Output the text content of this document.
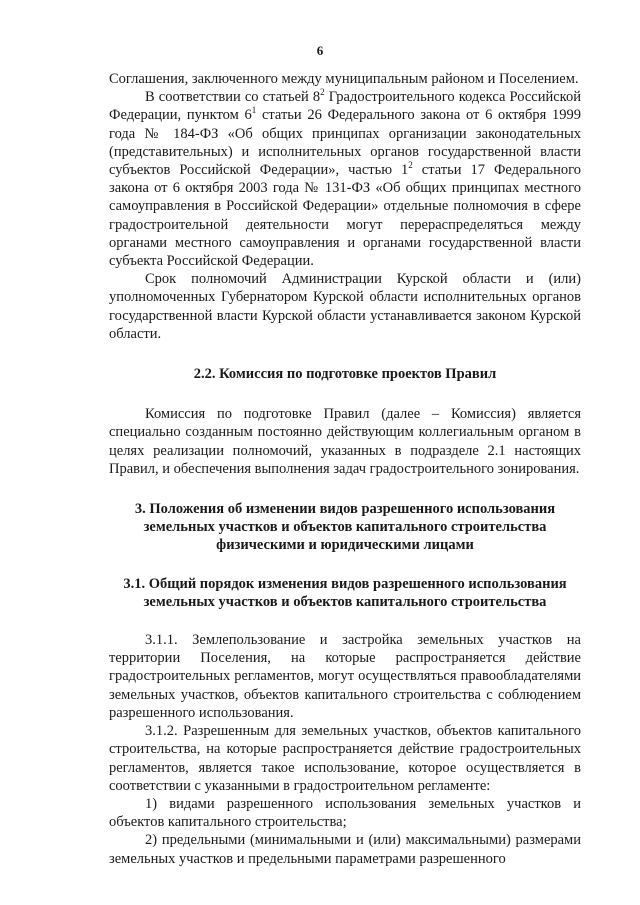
6

Соглашения, заключенного между муниципальным районом и Поселением.

В соответствии со статьей $8^2$ Градостроительного кодекса Российской Федерации, пунктом $6^1$ статьи 26 Федерального закона от 6 октября 1999 года № 184-ФЗ «Об общих принципах организации законодательных (представительных) и исполнительных органов государственной власти субъектов Российской Федерации», частью $1^2$ статьи 17 Федерального закона от 6 октября 2003 года № 131-ФЗ «Об общих принципах местного самоуправления в Российской Федерации» отдельные полномочия в сфере градостроительной деятельности могут перераспределяться между органами местного самоуправления и органами государственной власти субъекта Российской Федерации.

Срок полномочий Администрации Курской области и (или) уполномоченных Губернатором Курской области исполнительных органов государственной власти Курской области устанавливается законом Курской области.

2.2. Комиссия по подготовке проектов Правил

Комиссия по подготовке Правил (далее – Комиссия) является специально созданным постоянно действующим коллегиальным органом в целях реализации полномочий, указанных в подразделе 2.1 настоящих Правил, и обеспечения выполнения задач градостроительного зонирования.

3. Положения об изменении видов разрешенного использования
земельных участков и объектов капитального строительства
физическими и юридическими лицами
3.1. Общий порядок изменения видов разрешенного использования
земельных участков и объектов капитального строительства

3.1.1. Землепользование и застройка земельных участков на территории Поселения, на которые распространяется действие градостроительных регламентов, могут осуществляться правообладателями земельных участков, объектов капитального строительства с соблюдением разрешенного использования.

3.1.2. Разрешенным для земельных участков, объектов капитального строительства, на которые распространяется действие градостроительных регламентов, является такое использование, которое осуществляется в соответствии с указанными в градостроительном регламенте:

1) видами разрешенного использования земельных участков и объектов капитального строительства;

2) предельными (минимальными и (или) максимальными) размерами земельных участков и предельными параметрами разрешенного
